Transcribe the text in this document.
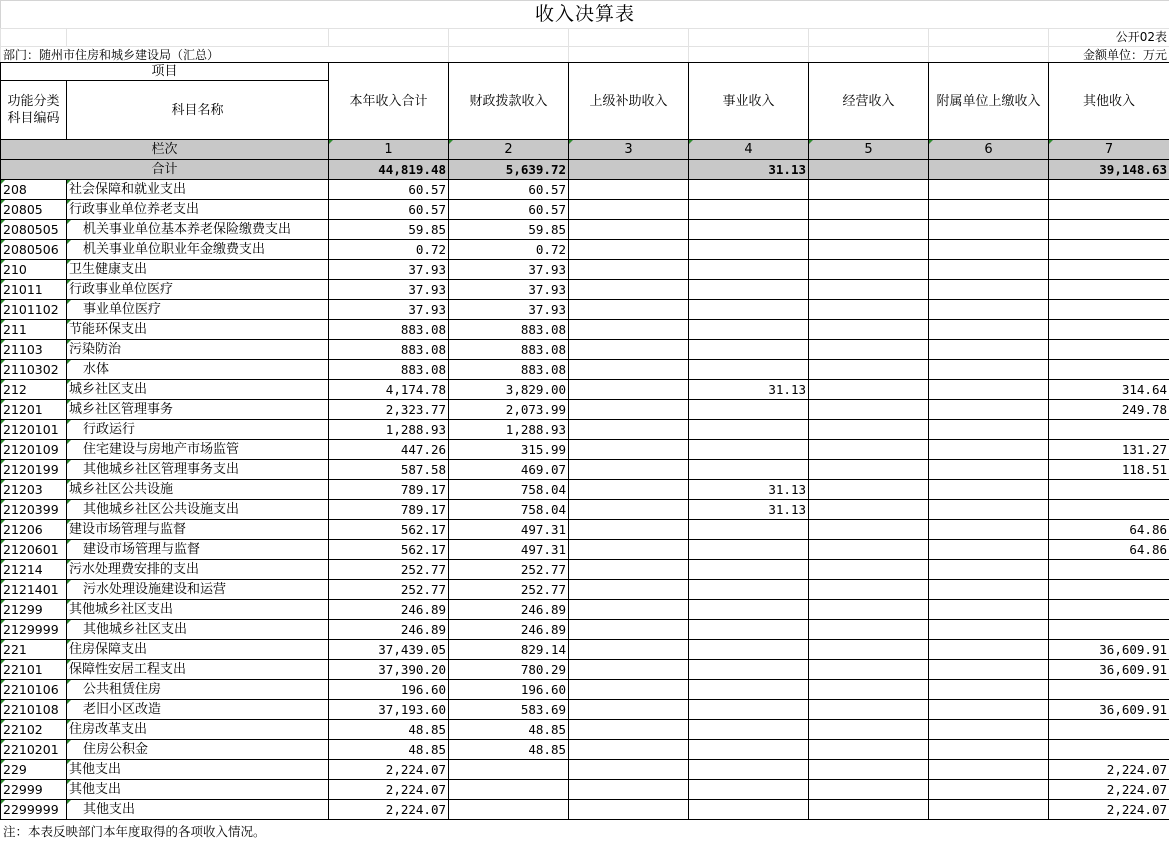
收入决算表
								公开02表
部门：随州市住房和城乡建设局（汇总）								金额单位：万元
项目		本年收入合计	财政拨款收入	上级补助收入	事业收入	经营收入	附属单位上缴收入	其他收入
功能分类科目编码	科目名称							
栏次		1	2	3	4	5	6	7
合计		44,819.48	5,639.72		31.13			39,148.63
208	社会保障和就业支出	60.57	60.57					
20805	行政事业单位养老支出	60.57	60.57					
2080505	机关事业单位基本养老保险缴费支出	59.85	59.85					
2080506	机关事业单位职业年金缴费支出	0.72	0.72					
210	卫生健康支出	37.93	37.93					
21011	行政事业单位医疗	37.93	37.93					
2101102	事业单位医疗	37.93	37.93					
211	节能环保支出	883.08	883.08					
21103	污染防治	883.08	883.08					
2110302	水体	883.08	883.08					
212	城乡社区支出	4,174.78	3,829.00		31.13			314.64
21201	城乡社区管理事务	2,323.77	2,073.99					249.78
2120101	行政运行	1,288.93	1,288.93					
2120109	住宅建设与房地产市场监管	447.26	315.99					131.27
2120199	其他城乡社区管理事务支出	587.58	469.07					118.51
21203	城乡社区公共设施	789.17	758.04		31.13			
2120399	其他城乡社区公共设施支出	789.17	758.04		31.13			
21206	建设市场管理与监督	562.17	497.31					64.86
2120601	建设市场管理与监督	562.17	497.31					64.86
21214	污水处理费安排的支出	252.77	252.77					
2121401	污水处理设施建设和运营	252.77	252.77					
21299	其他城乡社区支出	246.89	246.89					
2129999	其他城乡社区支出	246.89	246.89					
221	住房保障支出	37,439.05	829.14					36,609.91
22101	保障性安居工程支出	37,390.20	780.29					36,609.91
2210106	公共租赁住房	196.60	196.60					
2210108	老旧小区改造	37,193.60	583.69					36,609.91
22102	住房改革支出	48.85	48.85					
2210201	住房公积金	48.85	48.85					
229	其他支出	2,224.07						2,224.07
22999	其他支出	2,224.07						2,224.07
2299999	其他支出	2,224.07						2,224.07
注：本表反映部门本年度取得的各项收入情况。
